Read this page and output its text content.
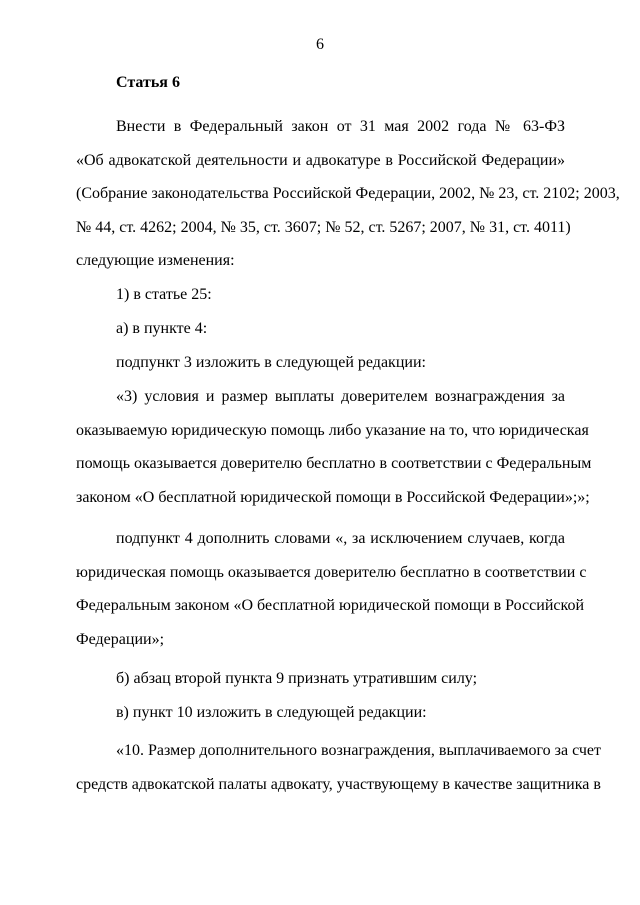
6
Статья 6
Внести в Федеральный закон от 31 мая 2002 года № 63-ФЗ
«Об адвокатской деятельности и адвокатуре в Российской Федерации»
(Собрание законодательства Российской Федерации, 2002, № 23, ст. 2102; 2003,
№ 44, ст. 4262; 2004, № 35, ст. 3607; № 52, ст. 5267; 2007, № 31, ст. 4011)
следующие изменения:
1) в статье 25:
а) в пункте 4:
подпункт 3 изложить в следующей редакции:
«3) условия и размер выплаты доверителем вознаграждения за
оказываемую юридическую помощь либо указание на то, что юридическая
помощь оказывается доверителю бесплатно в соответствии с Федеральным
законом «О бесплатной юридической помощи в Российской Федерации»;»;
подпункт 4 дополнить словами «, за исключением случаев, когда
юридическая помощь оказывается доверителю бесплатно в соответствии с
Федеральным законом «О бесплатной юридической помощи в Российской
Федерации»;
б) абзац второй пункта 9 признать утратившим силу;
в) пункт 10 изложить в следующей редакции:
«10. Размер дополнительного вознаграждения, выплачиваемого за счет
средств адвокатской палаты адвокату, участвующему в качестве защитника в
